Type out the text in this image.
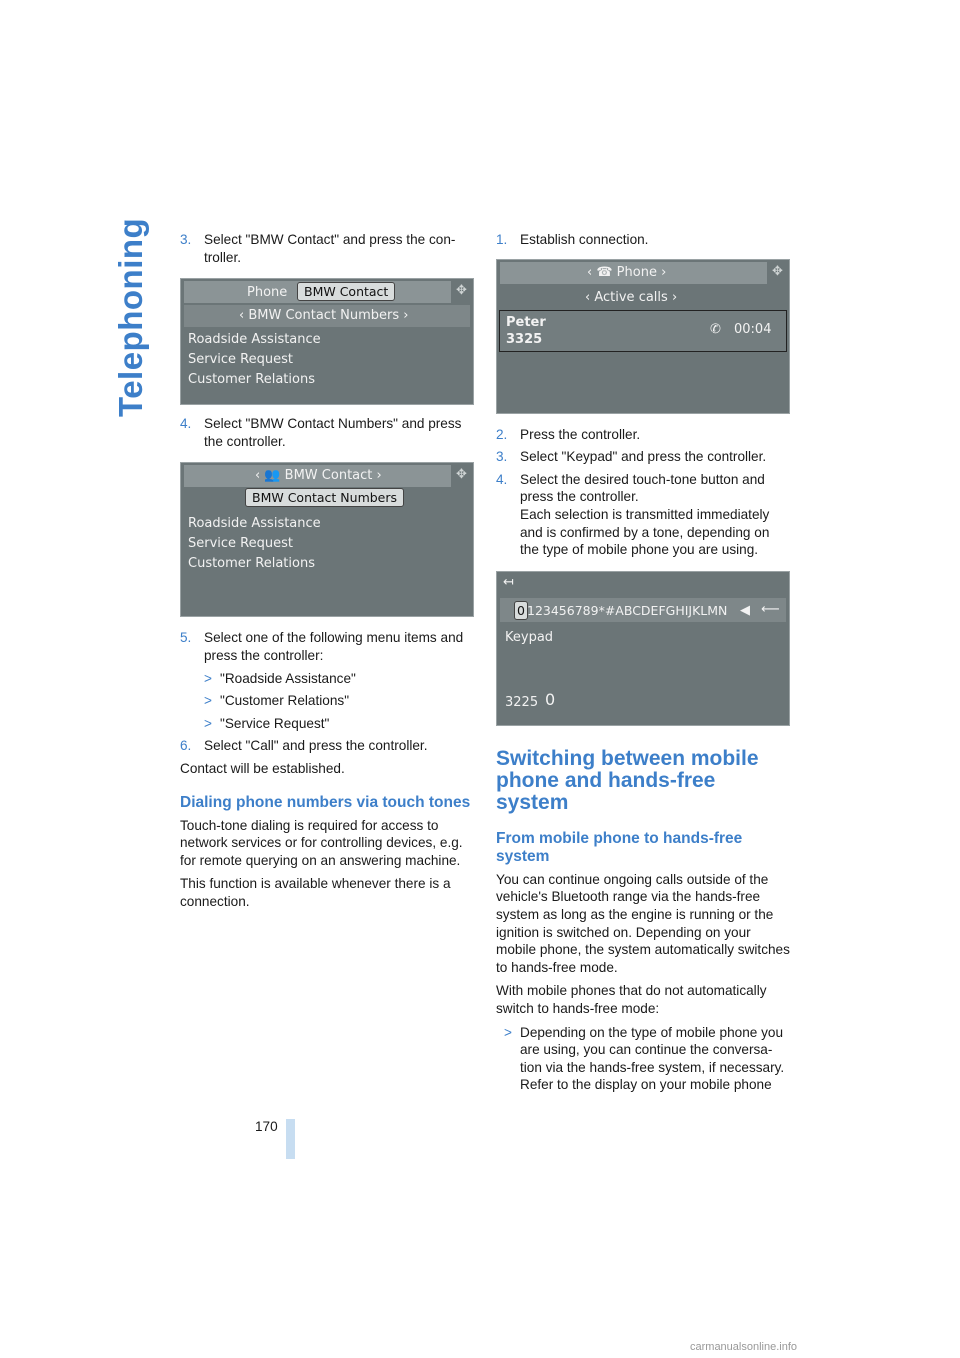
Telephoning 3. Select "BMW Contact" and press the con-troller.
Phone	BMW Contact	✥
‹ BMW Contact Numbers ›
Roadside Assistance
Service Request
Customer Relations
4. Select "BMW Contact Numbers" and press the controller.
‹ 👥 BMW Contact ›	✥
BMW Contact Numbers
Roadside Assistance
Service Request
Customer Relations
5. Select one of the following menu items and press the controller:
> "Roadside Assistance"
> "Customer Relations"
> "Service Request"
6. Select "Call" and press the controller.

Contact will be established.

Dialing phone numbers via touch tones

Touch-tone dialing is required for access to network services or for controlling devices, e.g. for remote querying on an answering machine.

This function is available whenever there is a connection.

1. Establish connection.
‹ ☎ Phone ›	✥
‹ Active calls ›
Peter
3325
✆ 00:04
2. Press the controller.
3. Select "Keypad" and press the controller.
4. Select the desired touch-tone button and press the controller.
Each selection is transmitted immediately and is confirmed by a tone, depending on the type of mobile phone you are using.
↤
0 123456789*#ABCDEFGHIJKLMN ◀ ⟵
Keypad
3225 0
Switching between mobile phone and hands-free system
From mobile phone to hands-free system

You can continue ongoing calls outside of the vehicle's Bluetooth range via the hands-free system as long as the engine is running or the ignition is switched on. Depending on your mobile phone, the system automatically switches to hands-free mode.

With mobile phones that do not automatically switch to hands-free mode:

> Depending on the type of mobile phone you are using, you can continue the conversa-tion via the hands-free system, if necessary. Refer to the display on your mobile phone
170
carmanualsonline.info
